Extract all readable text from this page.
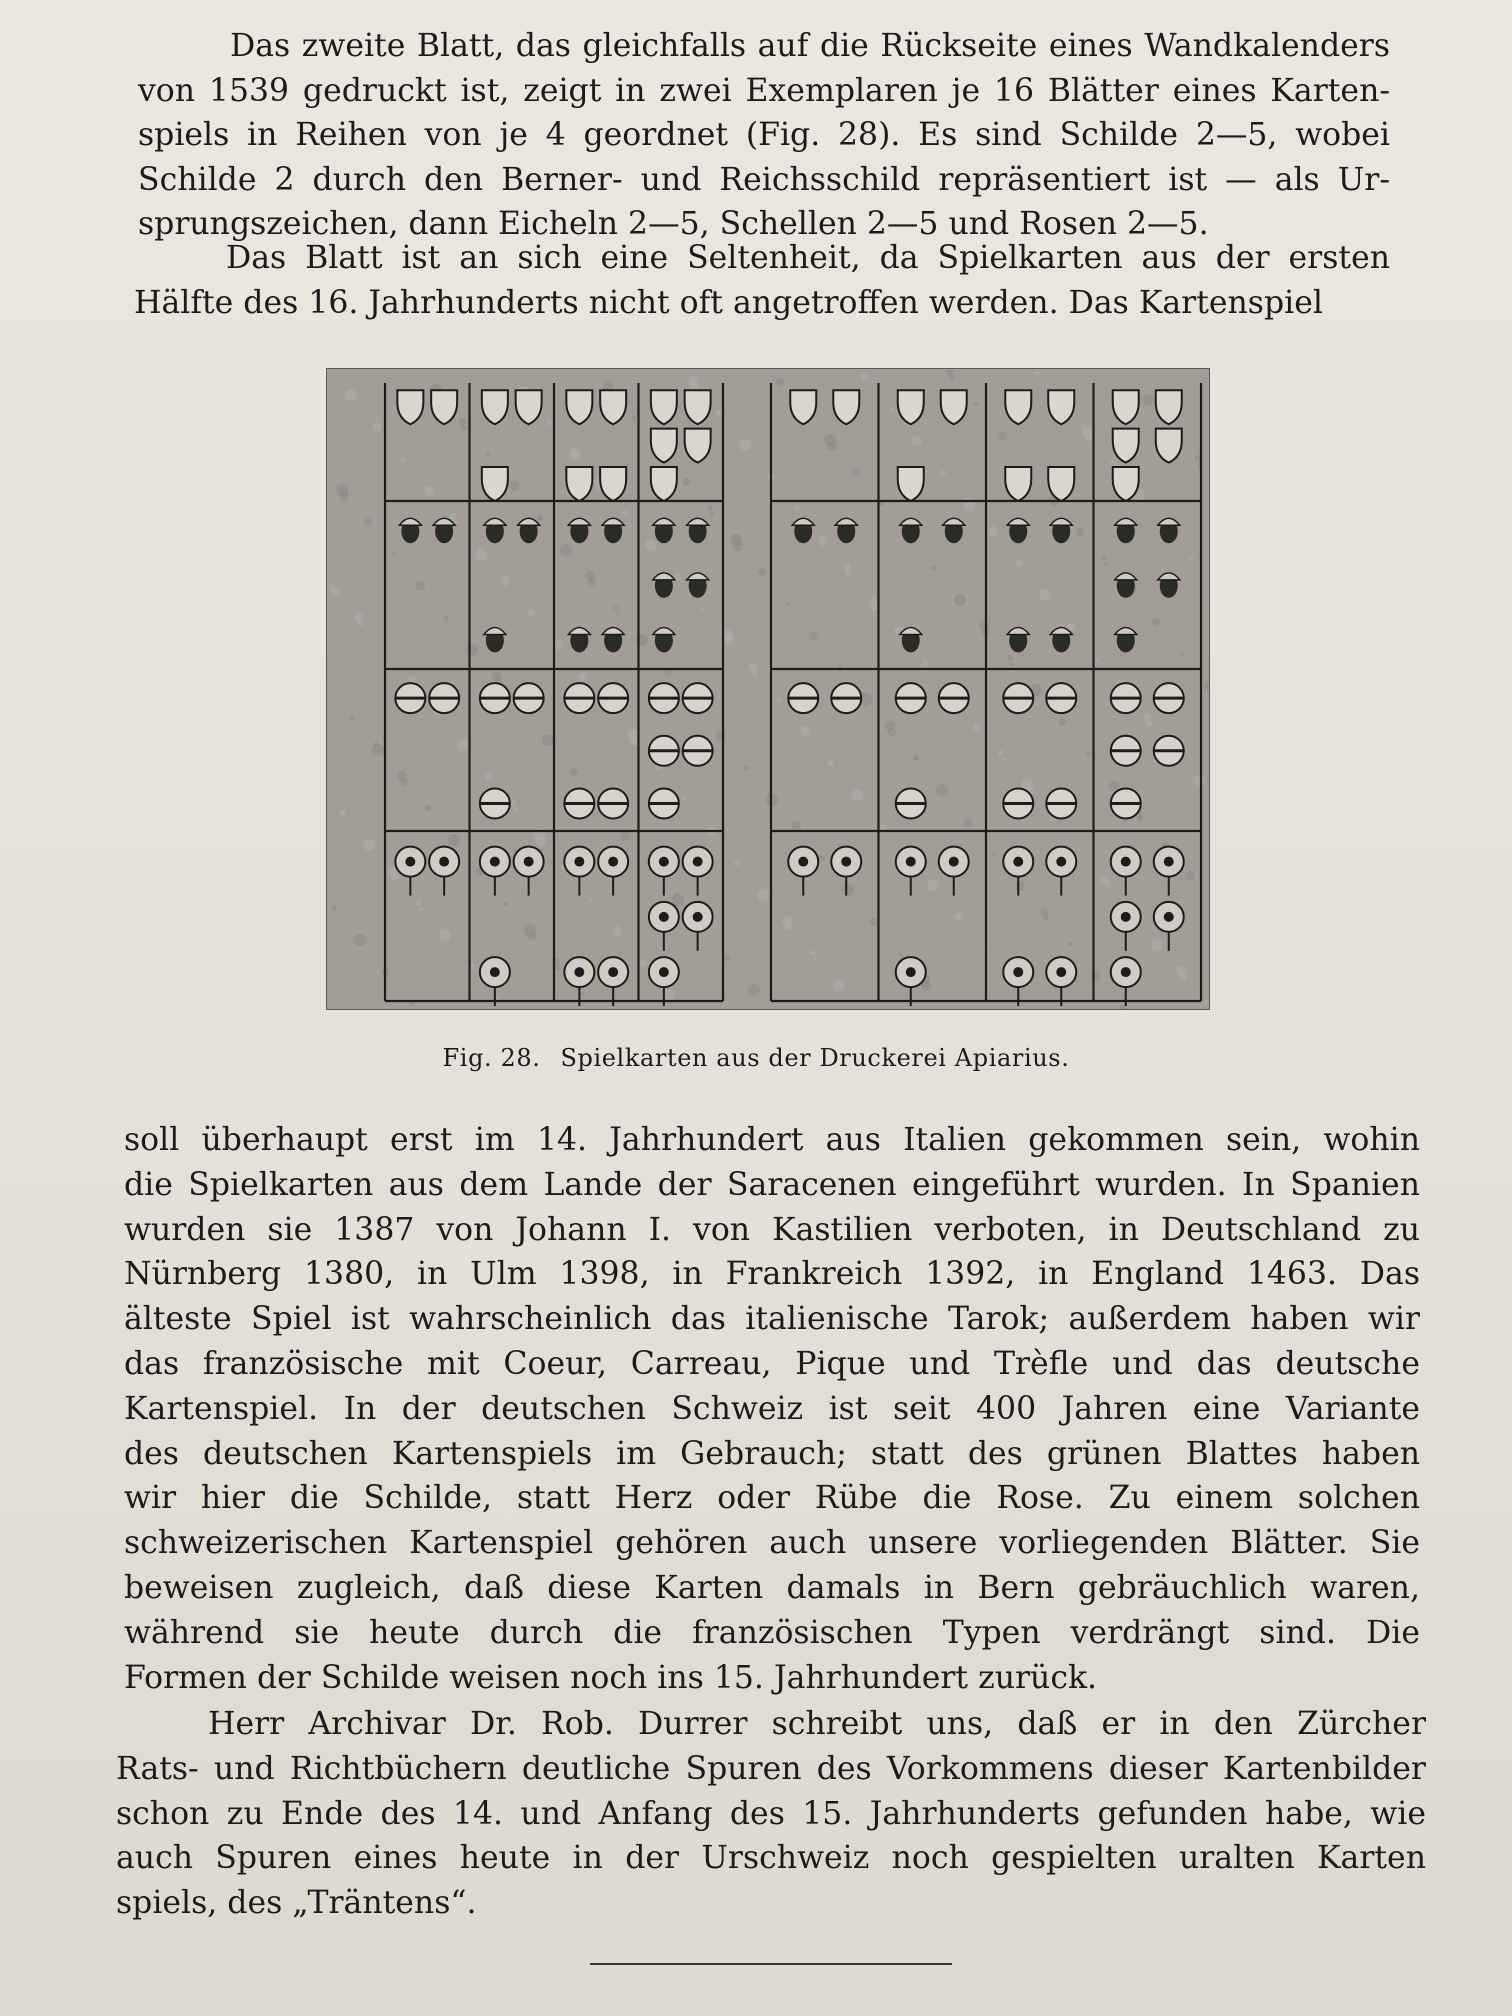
Das zweite Blatt, das gleichfalls auf die Rückseite eines Wandkalenders
von 1539 gedruckt ist, zeigt in zwei Exemplaren je 16 Blätter eines Karten-
spiels in Reihen von je 4 geordnet (Fig. 28). Es sind Schilde 2—5, wobei
Schilde 2 durch den Berner- und Reichsschild repräsentiert ist — als Ur-
sprungszeichen, dann Eicheln 2—5, Schellen 2—5 und Rosen 2—5.
Das Blatt ist an sich eine Seltenheit, da Spielkarten aus der ersten
Hälfte des 16. Jahrhunderts nicht oft angetroffen werden. Das Kartenspiel
Fig. 28. Spielkarten aus der Druckerei Apiarius.
soll überhaupt erst im 14. Jahrhundert aus Italien gekommen sein, wohin
die Spielkarten aus dem Lande der Saracenen eingeführt wurden. In Spanien
wurden sie 1387 von Johann I. von Kastilien verboten, in Deutschland zu
Nürnberg 1380, in Ulm 1398, in Frankreich 1392, in England 1463. Das
älteste Spiel ist wahrscheinlich das italienische Tarok; außerdem haben wir
das französische mit Coeur, Carreau, Pique und Trèfle und das deutsche
Kartenspiel. In der deutschen Schweiz ist seit 400 Jahren eine Variante
des deutschen Kartenspiels im Gebrauch; statt des grünen Blattes haben
wir hier die Schilde, statt Herz oder Rübe die Rose. Zu einem solchen
schweizerischen Kartenspiel gehören auch unsere vorliegenden Blätter. Sie
beweisen zugleich, daß diese Karten damals in Bern gebräuchlich waren,
während sie heute durch die französischen Typen verdrängt sind. Die
Formen der Schilde weisen noch ins 15. Jahrhundert zurück.
Herr Archivar Dr. Rob. Durrer schreibt uns, daß er in den Zürcher
Rats- und Richtbüchern deutliche Spuren des Vorkommens dieser Kartenbilder
schon zu Ende des 14. und Anfang des 15. Jahrhunderts gefunden habe, wie
auch Spuren eines heute in der Urschweiz noch gespielten uralten Karten
spiels, des „Träntens“.
